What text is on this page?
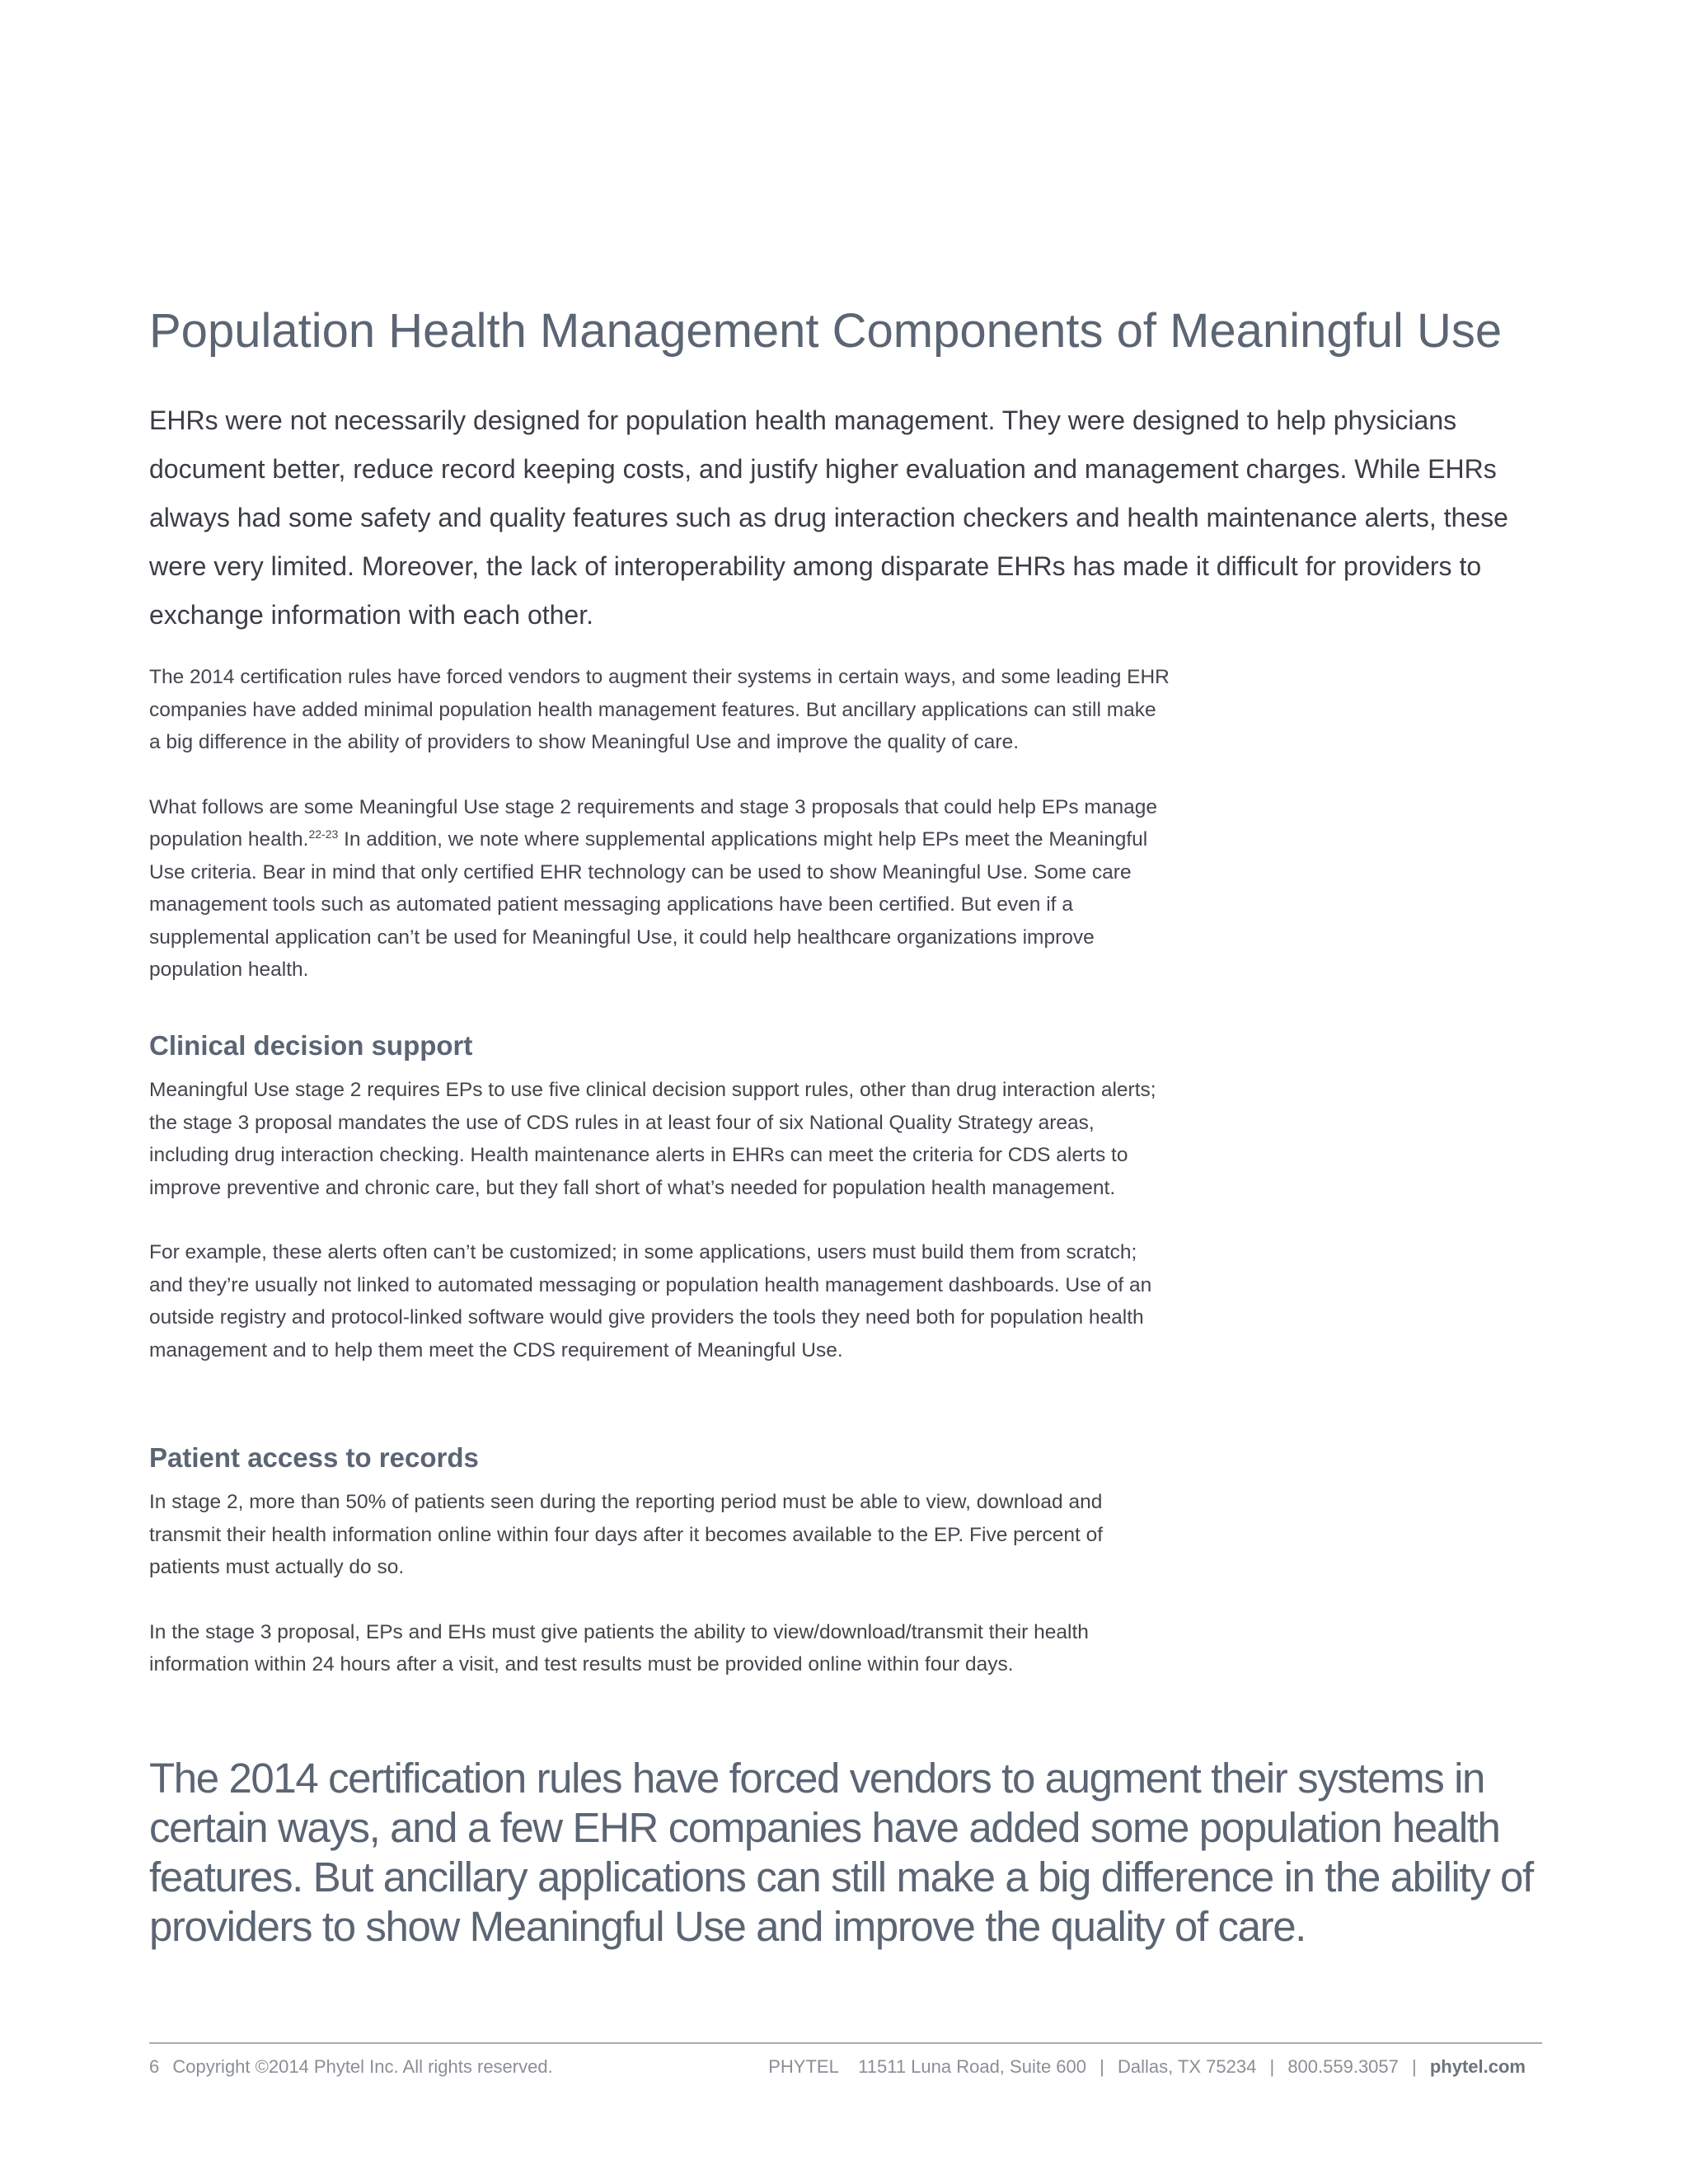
Population Health Management Components of Meaningful Use

EHRs were not necessarily designed for population health management. They were designed to help physicians document better, reduce record keeping costs, and justify higher evaluation and management charges. While EHRs always had some safety and quality features such as drug interaction checkers and health maintenance alerts, these were very limited. Moreover, the lack of interoperability among disparate EHRs has made it difficult for providers to exchange information with each other.

The 2014 certification rules have forced vendors to augment their systems in certain ways, and some leading EHR companies have added minimal population health management features. But ancillary applications can still make a big difference in the ability of providers to show Meaningful Use and improve the quality of care.

What follows are some Meaningful Use stage 2 requirements and stage 3 proposals that could help EPs manage population health.$^{22-23}$ In addition, we note where supplemental applications might help EPs meet the Meaningful Use criteria. Bear in mind that only certified EHR technology can be used to show Meaningful Use. Some care management tools such as automated patient messaging applications have been certified. But even if a supplemental application can’t be used for Meaningful Use, it could help healthcare organizations improve population health.

Clinical decision support

Meaningful Use stage 2 requires EPs to use five clinical decision support rules, other than drug interaction alerts; the stage 3 proposal mandates the use of CDS rules in at least four of six National Quality Strategy areas, including drug interaction checking. Health maintenance alerts in EHRs can meet the criteria for CDS alerts to improve preventive and chronic care, but they fall short of what’s needed for population health management.

For example, these alerts often can’t be customized; in some applications, users must build them from scratch; and they’re usually not linked to automated messaging or population health management dashboards. Use of an outside registry and protocol-linked software would give providers the tools they need both for population health management and to help them meet the CDS requirement of Meaningful Use.

Patient access to records

In stage 2, more than 50% of patients seen during the reporting period must be able to view, download and transmit their health information online within four days after it becomes available to the EP. Five percent of patients must actually do so.

In the stage 3 proposal, EPs and EHs must give patients the ability to view/download/transmit their health information within 24 hours after a visit, and test results must be provided online within four days.

The 2014 certification rules have forced vendors to augment their systems in certain ways, and a few EHR companies have added some population health features. But ancillary applications can still make a big difference in the ability of providers to show Meaningful Use and improve the quality of care.

6 Copyright ©2014 Phytel Inc. All rights reserved.	PHYTEL 11511 Luna Road, Suite 600 | Dallas, TX 75234 | 800.559.3057 | phytel.com
